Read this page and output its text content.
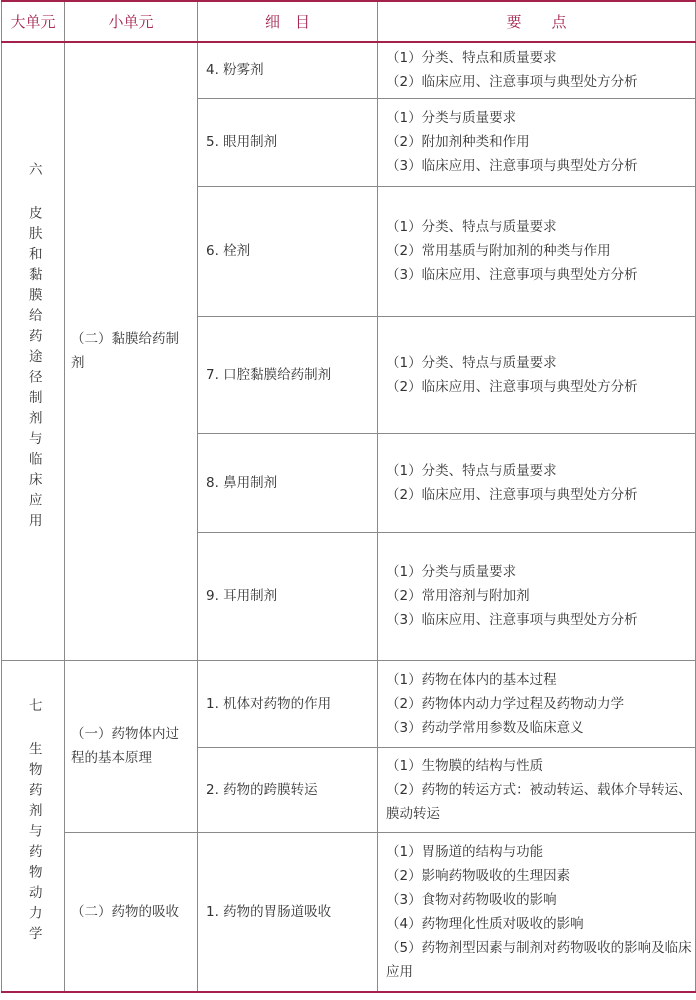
大单元	小单元	细　目	要　　点
六 皮肤和黏膜给药途径制剂与临床应用	（二）黏膜给药制剂	4. 粉雾剂	（1）分类、特点和质量要求
（2）临床应用、注意事项与典型处方分析

		5. 眼用制剂	（1）分类与质量要求
（2）附加剂种类和作用
（3）临床应用、注意事项与典型处方分析

		6. 栓剂	（1）分类、特点与质量要求
（2）常用基质与附加剂的种类与作用
（3）临床应用、注意事项与典型处方分析

		7. 口腔黏膜给药制剂	（1）分类、特点与质量要求
（2）临床应用、注意事项与典型处方分析

		8. 鼻用制剂	（1）分类、特点与质量要求
（2）临床应用、注意事项与典型处方分析

		9. 耳用制剂	（1）分类与质量要求
（2）常用溶剂与附加剂
（3）临床应用、注意事项与典型处方分析

七 生物药剂与药物动力学	（一）药物体内过程的基本原理	1. 机体对药物的作用	（1）药物在体内的基本过程
（2）药物体内动力学过程及药物动力学
（3）药动学常用参数及临床意义

		2. 药物的跨膜转运	（1）生物膜的结构与性质
（2）药物的转运方式：被动转运、载体介导转运、膜动转运

	（二）药物的吸收	1. 药物的胃肠道吸收	（1）胃肠道的结构与功能
（2）影响药物吸收的生理因素
（3）食物对药物吸收的影响
（4）药物理化性质对吸收的影响
（5）药物剂型因素与制剂对药物吸收的影响及临床应用
